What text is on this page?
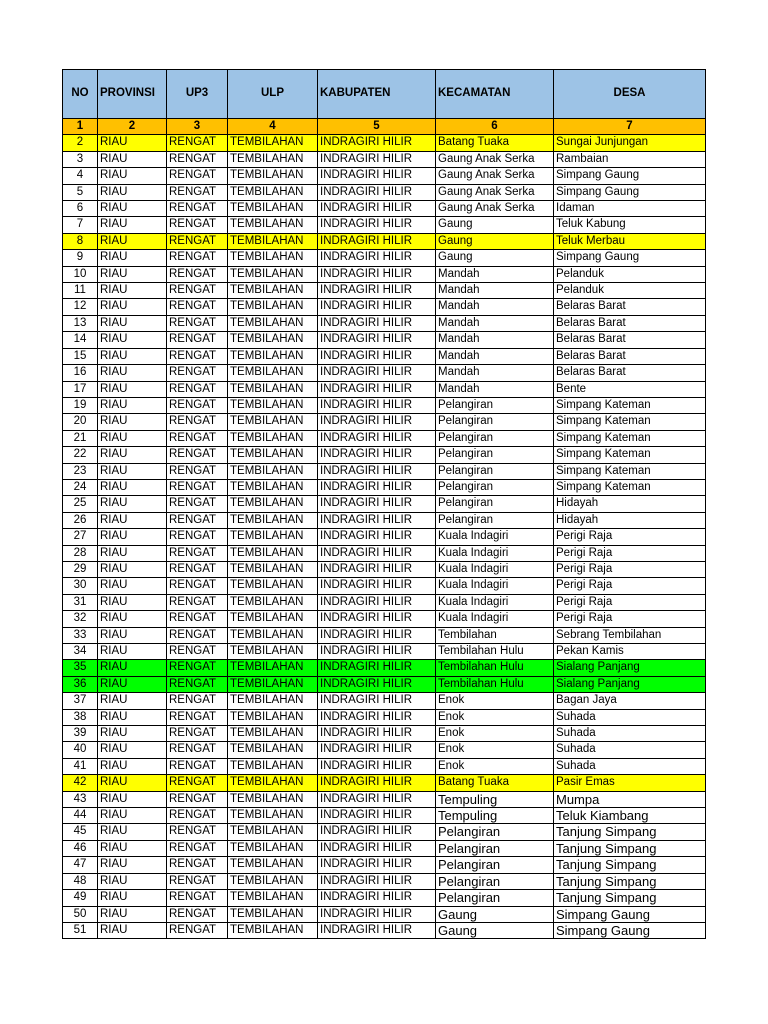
NO	PROVINSI	UP3	ULP	KABUPATEN	KECAMATAN	DESA
1	2	3	4	5	6	7
2	RIAU	RENGAT	TEMBILAHAN	INDRAGIRI HILIR	Batang Tuaka	Sungai Junjungan
3	RIAU	RENGAT	TEMBILAHAN	INDRAGIRI HILIR	Gaung Anak Serka	Rambaian
4	RIAU	RENGAT	TEMBILAHAN	INDRAGIRI HILIR	Gaung Anak Serka	Simpang Gaung
5	RIAU	RENGAT	TEMBILAHAN	INDRAGIRI HILIR	Gaung Anak Serka	Simpang Gaung
6	RIAU	RENGAT	TEMBILAHAN	INDRAGIRI HILIR	Gaung Anak Serka	Idaman
7	RIAU	RENGAT	TEMBILAHAN	INDRAGIRI HILIR	Gaung	Teluk Kabung
8	RIAU	RENGAT	TEMBILAHAN	INDRAGIRI HILIR	Gaung	Teluk Merbau
9	RIAU	RENGAT	TEMBILAHAN	INDRAGIRI HILIR	Gaung	Simpang Gaung
10	RIAU	RENGAT	TEMBILAHAN	INDRAGIRI HILIR	Mandah	Pelanduk
11	RIAU	RENGAT	TEMBILAHAN	INDRAGIRI HILIR	Mandah	Pelanduk
12	RIAU	RENGAT	TEMBILAHAN	INDRAGIRI HILIR	Mandah	Belaras Barat
13	RIAU	RENGAT	TEMBILAHAN	INDRAGIRI HILIR	Mandah	Belaras Barat
14	RIAU	RENGAT	TEMBILAHAN	INDRAGIRI HILIR	Mandah	Belaras Barat
15	RIAU	RENGAT	TEMBILAHAN	INDRAGIRI HILIR	Mandah	Belaras Barat
16	RIAU	RENGAT	TEMBILAHAN	INDRAGIRI HILIR	Mandah	Belaras Barat
17	RIAU	RENGAT	TEMBILAHAN	INDRAGIRI HILIR	Mandah	Bente
19	RIAU	RENGAT	TEMBILAHAN	INDRAGIRI HILIR	Pelangiran	Simpang Kateman
20	RIAU	RENGAT	TEMBILAHAN	INDRAGIRI HILIR	Pelangiran	Simpang Kateman
21	RIAU	RENGAT	TEMBILAHAN	INDRAGIRI HILIR	Pelangiran	Simpang Kateman
22	RIAU	RENGAT	TEMBILAHAN	INDRAGIRI HILIR	Pelangiran	Simpang Kateman
23	RIAU	RENGAT	TEMBILAHAN	INDRAGIRI HILIR	Pelangiran	Simpang Kateman
24	RIAU	RENGAT	TEMBILAHAN	INDRAGIRI HILIR	Pelangiran	Simpang Kateman
25	RIAU	RENGAT	TEMBILAHAN	INDRAGIRI HILIR	Pelangiran	Hidayah
26	RIAU	RENGAT	TEMBILAHAN	INDRAGIRI HILIR	Pelangiran	Hidayah
27	RIAU	RENGAT	TEMBILAHAN	INDRAGIRI HILIR	Kuala Indagiri	Perigi Raja
28	RIAU	RENGAT	TEMBILAHAN	INDRAGIRI HILIR	Kuala Indagiri	Perigi Raja
29	RIAU	RENGAT	TEMBILAHAN	INDRAGIRI HILIR	Kuala Indagiri	Perigi Raja
30	RIAU	RENGAT	TEMBILAHAN	INDRAGIRI HILIR	Kuala Indagiri	Perigi Raja
31	RIAU	RENGAT	TEMBILAHAN	INDRAGIRI HILIR	Kuala Indagiri	Perigi Raja
32	RIAU	RENGAT	TEMBILAHAN	INDRAGIRI HILIR	Kuala Indagiri	Perigi Raja
33	RIAU	RENGAT	TEMBILAHAN	INDRAGIRI HILIR	Tembilahan	Sebrang Tembilahan
34	RIAU	RENGAT	TEMBILAHAN	INDRAGIRI HILIR	Tembilahan Hulu	Pekan Kamis
35	RIAU	RENGAT	TEMBILAHAN	INDRAGIRI HILIR	Tembilahan Hulu	Sialang Panjang
36	RIAU	RENGAT	TEMBILAHAN	INDRAGIRI HILIR	Tembilahan Hulu	Sialang Panjang
37	RIAU	RENGAT	TEMBILAHAN	INDRAGIRI HILIR	Enok	Bagan Jaya
38	RIAU	RENGAT	TEMBILAHAN	INDRAGIRI HILIR	Enok	Suhada
39	RIAU	RENGAT	TEMBILAHAN	INDRAGIRI HILIR	Enok	Suhada
40	RIAU	RENGAT	TEMBILAHAN	INDRAGIRI HILIR	Enok	Suhada
41	RIAU	RENGAT	TEMBILAHAN	INDRAGIRI HILIR	Enok	Suhada
42	RIAU	RENGAT	TEMBILAHAN	INDRAGIRI HILIR	Batang Tuaka	Pasir Emas
43	RIAU	RENGAT	TEMBILAHAN	INDRAGIRI HILIR	Tempuling	Mumpa
44	RIAU	RENGAT	TEMBILAHAN	INDRAGIRI HILIR	Tempuling	Teluk Kiambang
45	RIAU	RENGAT	TEMBILAHAN	INDRAGIRI HILIR	Pelangiran	Tanjung Simpang
46	RIAU	RENGAT	TEMBILAHAN	INDRAGIRI HILIR	Pelangiran	Tanjung Simpang
47	RIAU	RENGAT	TEMBILAHAN	INDRAGIRI HILIR	Pelangiran	Tanjung Simpang
48	RIAU	RENGAT	TEMBILAHAN	INDRAGIRI HILIR	Pelangiran	Tanjung Simpang
49	RIAU	RENGAT	TEMBILAHAN	INDRAGIRI HILIR	Pelangiran	Tanjung Simpang
50	RIAU	RENGAT	TEMBILAHAN	INDRAGIRI HILIR	Gaung	Simpang Gaung
51	RIAU	RENGAT	TEMBILAHAN	INDRAGIRI HILIR	Gaung	Simpang Gaung
